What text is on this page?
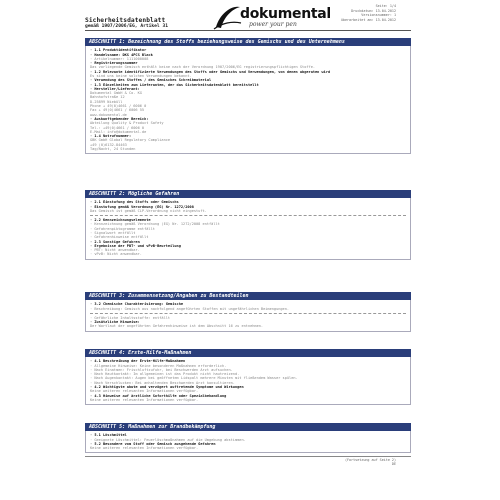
Sicherheitsdatenblatt
gemäß 1907/2006/EG, Artikel 31
dokumental
power your pen
Seite: 1/4
Druckdatum: 13.04.2012
Versionsnummer: 1
überarbeitet am: 13.04.2012
ABSCHNITT 1: Bezeichnung des Stoffs beziehungsweise des Gemischs und des Unternehmens
· 1.1 Produktidentifikator
· Handelsname: DKS 4PCS Black
· Artikelnummer: 1111000008
· Registrierungsnummer
Das vorliegende Gemisch enthält keine nach der Verordnung 1907/2006/EG registrierungspflichtigen Stoffe.
· 1.2 Relevante identifizierte Verwendungen des Stoffs oder Gemischs und Verwendungen, von denen abgeraten wird
Es sind uns keine solchen Verwendungen bekannt.
· Verwendung des Stoffes / des Gemisches Schreibmaterial
· 1.3 Einzelheiten zum Lieferanten, der das Sicherheitsdatenblatt bereitstellt
· Hersteller/Lieferant:
Dokumental GmbH & Co. KG
Bahnhofstraße 12
D-25899 Niebüll
Phone + 49(0)4661 / 6006 0
Fax + 49(0)4661 / 6006 55
www.dokumental.de
· Auskunftgebender Bereich:
Abteilung Quality & Product Safety
Tel.: +49(0)4661 / 6006 0
E-Mail: info@dokumental.de
· 1.4 Notrufnummer:
GBK GmbH Global Regulatory Compliance
+49 (0)6132-84463
Tag/Nacht, 24 Stunden
ABSCHNITT 2: Mögliche Gefahren
· 2.1 Einstufung des Stoffs oder Gemischs
· Einstufung gemäß Verordnung (EG) Nr. 1272/2008
Das Gemisch ist gemäß CLP-Verordnung nicht eingestuft.
· 2.2 Kennzeichnungselemente
· Kennzeichnung gemäß Verordnung (EG) Nr. 1272/2008 entfällt
· Gefahrenpiktogramme entfällt
· Signalwort entfällt
· Gefahrenhinweise entfällt
· 2.3 Sonstige Gefahren
· Ergebnisse der PBT- und vPvB-Beurteilung
· PBT: Nicht anwendbar.
· vPvB: Nicht anwendbar.
ABSCHNITT 3: Zusammensetzung/Angaben zu Bestandteilen
· 3.2 Chemische Charakterisierung: Gemische
· Beschreibung: Gemisch aus nachfolgend angeführten Stoffen mit ungefährlichen Beimengungen.
· Gefährliche Inhaltsstoffe: entfällt
· Zusätzliche Hinweise:
Der Wortlaut der angeführten Gefahrenhinweise ist dem Abschnitt 16 zu entnehmen.
ABSCHNITT 4: Erste-Hilfe-Maßnahmen
· 4.1 Beschreibung der Erste-Hilfe-Maßnahmen
· Allgemeine Hinweise: Keine besonderen Maßnahmen erforderlich.
· Nach Einatmen: Frischluftzufuhr, bei Beschwerden Arzt aufsuchen.
· Nach Hautkontakt: Im allgemeinen ist das Produkt nicht hautreizend.
· Nach Augenkontakt: Augen bei geöffnetem Lidspalt mehrere Minuten mit fließendem Wasser spülen.
· Nach Verschlucken: Bei anhaltenden Beschwerden Arzt konsultieren.
· 4.2 Wichtigste akute und verzögert auftretende Symptome und Wirkungen
Keine weiteren relevanten Informationen verfügbar.
· 4.3 Hinweise auf ärztliche Soforthilfe oder Spezialbehandlung
Keine weiteren relevanten Informationen verfügbar.
ABSCHNITT 5: Maßnahmen zur Brandbekämpfung
· 5.1 Löschmittel
· Geeignete Löschmittel: Feuerlöschmaßnahmen auf die Umgebung abstimmen.
· 5.2 Besondere vom Stoff oder Gemisch ausgehende Gefahren
Keine weiteren relevanten Informationen verfügbar.
(Fortsetzung auf Seite 2)
DE
